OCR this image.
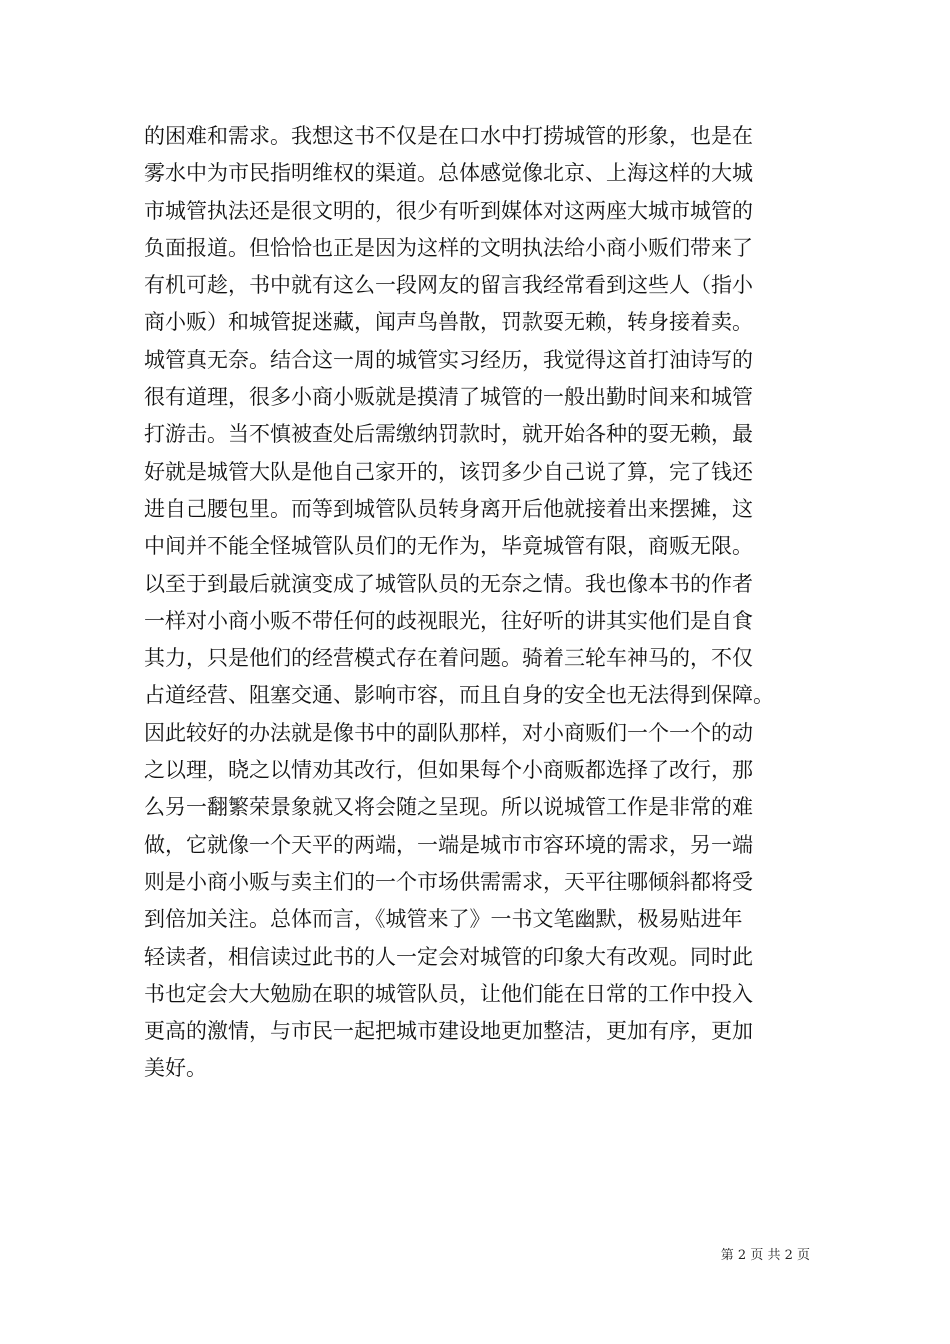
的困难和需求。我想这书不仅是在口水中打捞城管的形象，也是在
雾水中为市民指明维权的渠道。总体感觉像北京、上海这样的大城
市城管执法还是很文明的，很少有听到媒体对这两座大城市城管的
负面报道。但恰恰也正是因为这样的文明执法给小商小贩们带来了
有机可趁，书中就有这么一段网友的留言我经常看到这些人（指小
商小贩）和城管捉迷藏，闻声鸟兽散，罚款耍无赖，转身接着卖。
城管真无奈。结合这一周的城管实习经历，我觉得这首打油诗写的
很有道理，很多小商小贩就是摸清了城管的一般出勤时间来和城管
打游击。当不慎被查处后需缴纳罚款时，就开始各种的耍无赖，最
好就是城管大队是他自己家开的，该罚多少自己说了算，完了钱还
进自己腰包里。而等到城管队员转身离开后他就接着出来摆摊，这
中间并不能全怪城管队员们的无作为，毕竟城管有限，商贩无限。
以至于到最后就演变成了城管队员的无奈之情。我也像本书的作者
一样对小商小贩不带任何的歧视眼光，往好听的讲其实他们是自食
其力，只是他们的经营模式存在着问题。骑着三轮车神马的，不仅
占道经营、阻塞交通、影响市容，而且自身的安全也无法得到保障。
因此较好的办法就是像书中的副队那样，对小商贩们一个一个的动
之以理，晓之以情劝其改行，但如果每个小商贩都选择了改行，那
么另一翻繁荣景象就又将会随之呈现。所以说城管工作是非常的难
做，它就像一个天平的两端，一端是城市市容环境的需求，另一端
则是小商小贩与卖主们的一个市场供需需求，天平往哪倾斜都将受
到倍加关注。总体而言，《城管来了》一书文笔幽默，极易贴进年
轻读者，相信读过此书的人一定会对城管的印象大有改观。同时此
书也定会大大勉励在职的城管队员，让他们能在日常的工作中投入
更高的激情，与市民一起把城市建设地更加整洁，更加有序，更加
美好。

第 2 页 共 2 页
